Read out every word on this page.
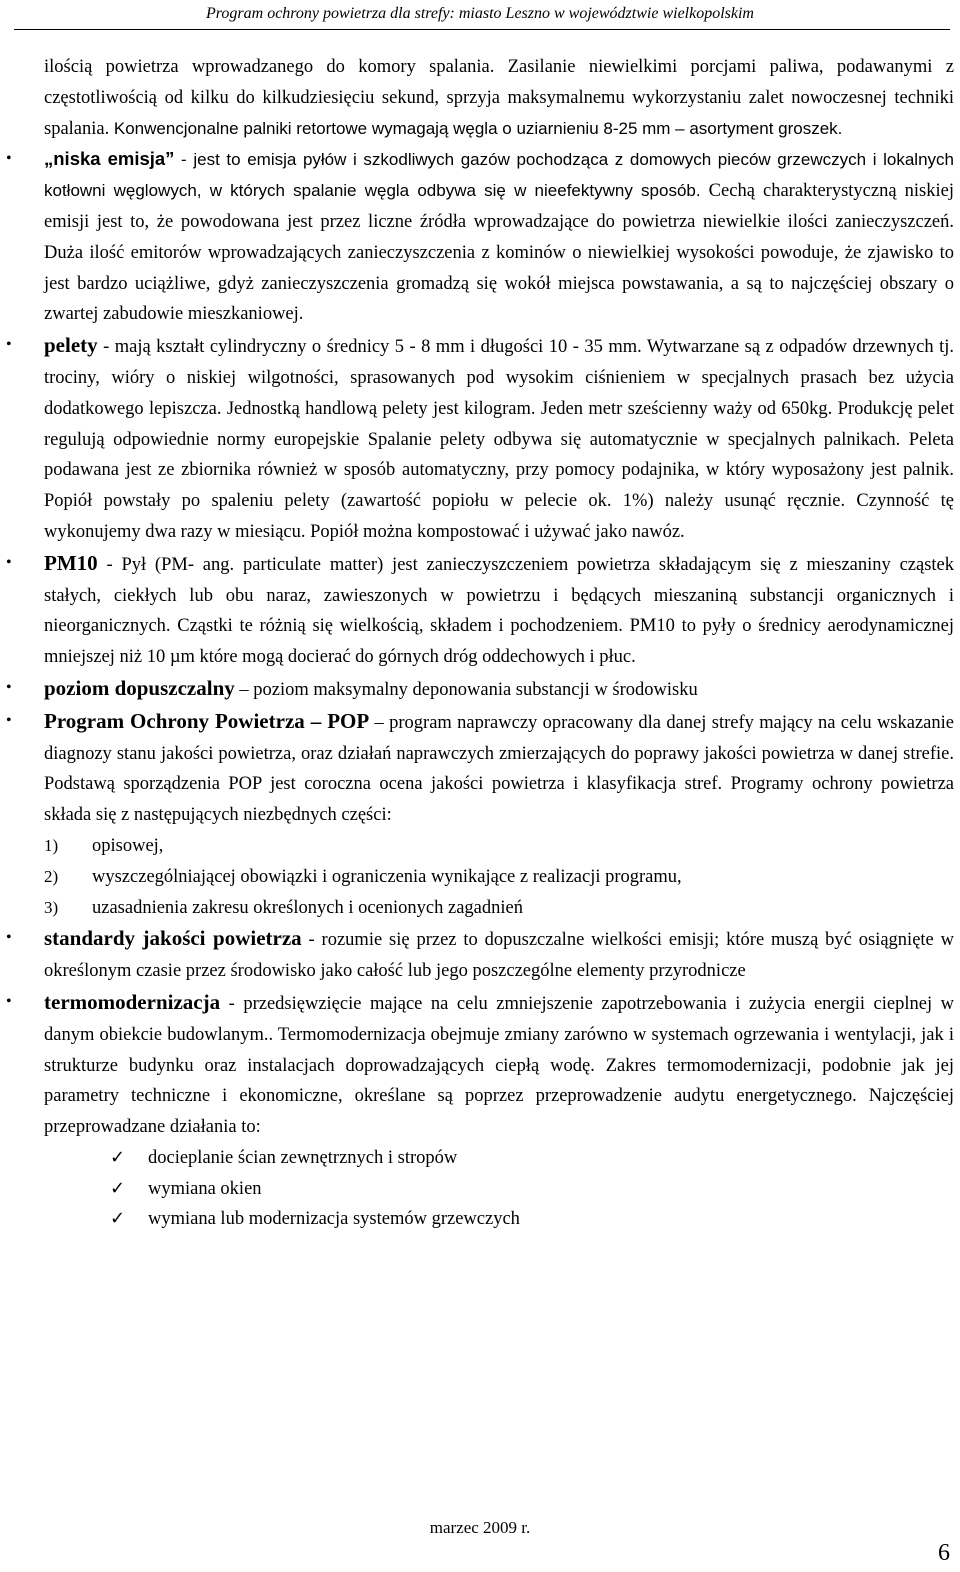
Program ochrony powietrza dla strefy: miasto Leszno w województwie wielkopolskim

ilością powietrza wprowadzanego do komory spalania. Zasilanie niewielkimi porcjami paliwa, podawanymi z częstotliwością od kilku do kilkudziesięciu sekund, sprzyja maksymalnemu wykorzystaniu zalet nowoczesnej techniki spalania. Konwencjonalne palniki retortowe wymagają węgla o uziarnieniu 8-25 mm – asortyment groszek.

• „niska emisja” - jest to emisja pyłów i szkodliwych gazów pochodząca z domowych pieców grzewczych i lokalnych kotłowni węglowych, w których spalanie węgla odbywa się w nieefektywny sposób. Cechą charakterystyczną niskiej emisji jest to, że powodowana jest przez liczne źródła wprowadzające do powietrza niewielkie ilości zanieczyszczeń. Duża ilość emitorów wprowadzających zanieczyszczenia z kominów o niewielkiej wysokości powoduje, że zjawisko to jest bardzo uciążliwe, gdyż zanieczyszczenia gromadzą się wokół miejsca powstawania, a są to najczęściej obszary o zwartej zabudowie mieszkaniowej.
• pelety - mają kształt cylindryczny o średnicy 5 - 8 mm i długości 10 - 35 mm. Wytwarzane są z odpadów drzewnych tj. trociny, wióry o niskiej wilgotności, sprasowanych pod wysokim ciśnieniem w specjalnych prasach bez użycia dodatkowego lepiszcza. Jednostką handlową pelety jest kilogram. Jeden metr sześcienny waży od 650kg. Produkcję pelet regulują odpowiednie normy europejskie Spalanie pelety odbywa się automatycznie w specjalnych palnikach. Peleta podawana jest ze zbiornika również w sposób automatyczny, przy pomocy podajnika, w który wyposażony jest palnik. Popiół powstały po spaleniu pelety (zawartość popiołu w pelecie ok. 1%) należy usunąć ręcznie. Czynność tę wykonujemy dwa razy w miesiącu. Popiół można kompostować i używać jako nawóz.
• PM10 - Pył (PM- ang. particulate matter) jest zanieczyszczeniem powietrza składającym się z mieszaniny cząstek stałych, ciekłych lub obu naraz, zawieszonych w powietrzu i będących mieszaniną substancji organicznych i nieorganicznych. Cząstki te różnią się wielkością, składem i pochodzeniem. PM10 to pyły o średnicy aerodynamicznej mniejszej niż 10 µm które mogą docierać do górnych dróg oddechowych i płuc.
• poziom dopuszczalny – poziom maksymalny deponowania substancji w środowisku
• Program Ochrony Powietrza – POP – program naprawczy opracowany dla danej strefy mający na celu wskazanie diagnozy stanu jakości powietrza, oraz działań naprawczych zmierzających do poprawy jakości powietrza w danej strefie. Podstawą sporządzenia POP jest coroczna ocena jakości powietrza i klasyfikacja stref. Programy ochrony powietrza składa się z następujących niezbędnych części:
1) opisowej,
2) wyszczególniającej obowiązki i ograniczenia wynikające z realizacji programu,
3) uzasadnienia zakresu określonych i ocenionych zagadnień
• standardy jakości powietrza - rozumie się przez to dopuszczalne wielkości emisji; które muszą być osiągnięte w określonym czasie przez środowisko jako całość lub jego poszczególne elementy przyrodnicze
• termomodernizacja - przedsięwzięcie mające na celu zmniejszenie zapotrzebowania i zużycia energii cieplnej w danym obiekcie budowlanym.. Termomodernizacja obejmuje zmiany zarówno w systemach ogrzewania i wentylacji, jak i strukturze budynku oraz instalacjach doprowadzających ciepłą wodę. Zakres termomodernizacji, podobnie jak jej parametry techniczne i ekonomiczne, określane są poprzez przeprowadzenie audytu energetycznego. Najczęściej przeprowadzane działania to:
✓ docieplanie ścian zewnętrznych i stropów
✓ wymiana okien
✓ wymiana lub modernizacja systemów grzewczych
marzec 2009 r.
6
